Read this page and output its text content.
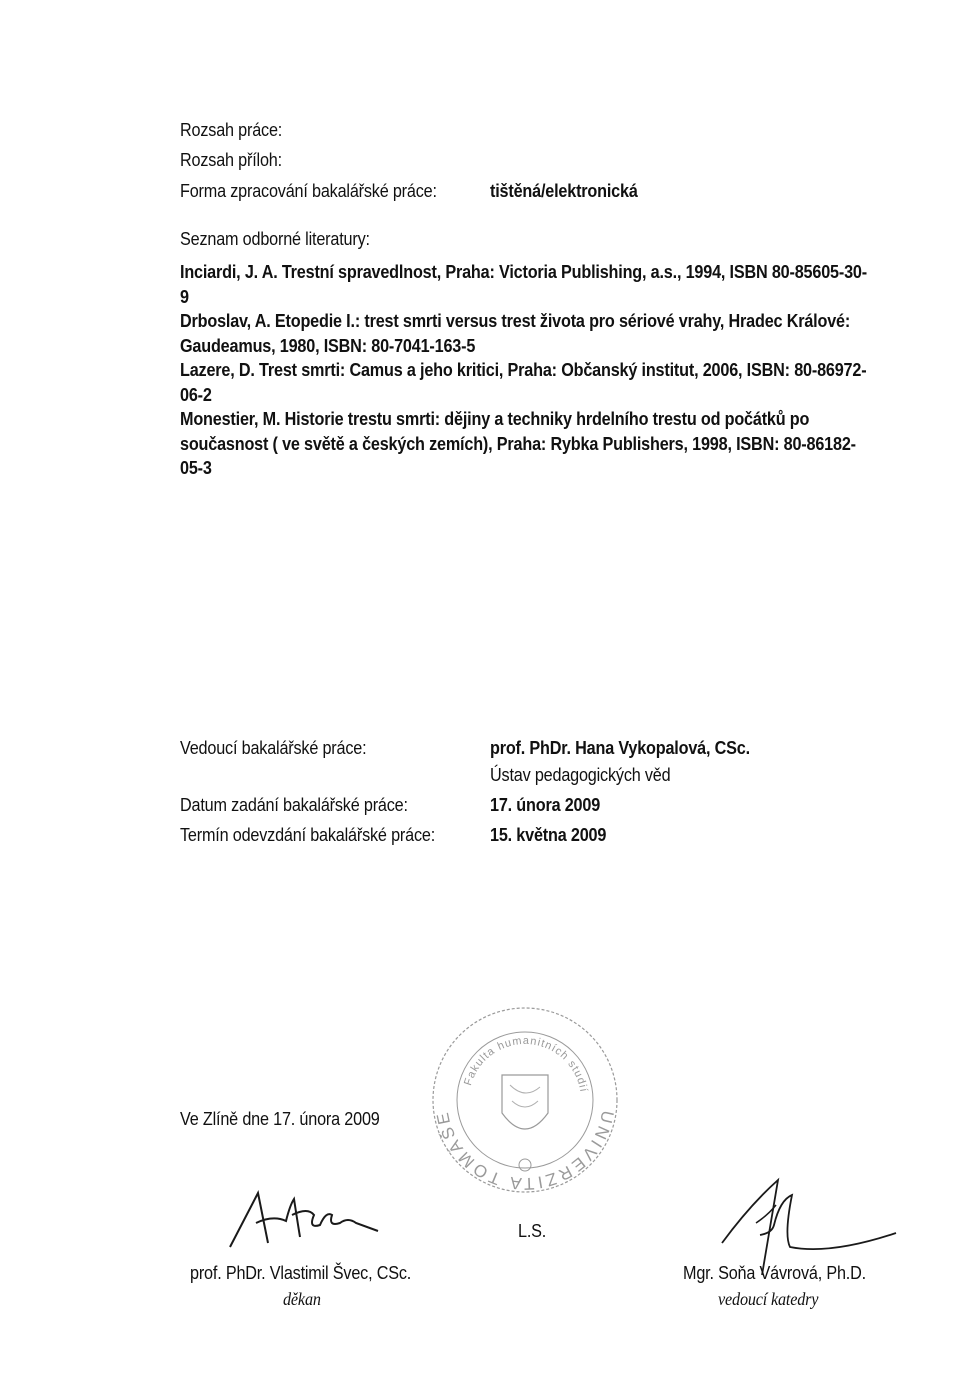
Rozsah práce:
Rozsah příloh:
Forma zpracování bakalářské práce:	tištěná/elektronická
Seznam odborné literatury:
Inciardi, J. A. Trestní spravedlnost, Praha: Victoria Publishing, a.s., 1994, ISBN 80-85605-30-9
Drboslav, A. Etopedie I.: trest smrti versus trest života pro sériové vrahy, Hradec Králové: Gaudeamus, 1980, ISBN: 80-7041-163-5
Lazere, D. Trest smrti: Camus a jeho kritici, Praha: Občanský institut, 2006, ISBN: 80-86972-06-2
Monestier, M. Historie trestu smrti: dějiny a techniky hrdelního trestu od počátků po současnost ( ve světě a českých zemích), Praha: Rybka Publishers, 1998, ISBN: 80-86182-05-3
Vedoucí bakalářské práce:	prof. PhDr. Hana Vykopalová, CSc.
Ústav pedagogických věd
Datum zadání bakalářské práce:	17. února 2009
Termín odevzdání bakalářské práce:	15. května 2009
UNIVERZITA TOMÁŠE BATI VE ZLÍNĚ
Fakulta humanitních studií
Ve Zlíně dne 17. února 2009
L.S.
prof. PhDr. Vlastimil Švec, CSc.
děkan
Mgr. Soňa Vávrová, Ph.D.
vedoucí katedry
